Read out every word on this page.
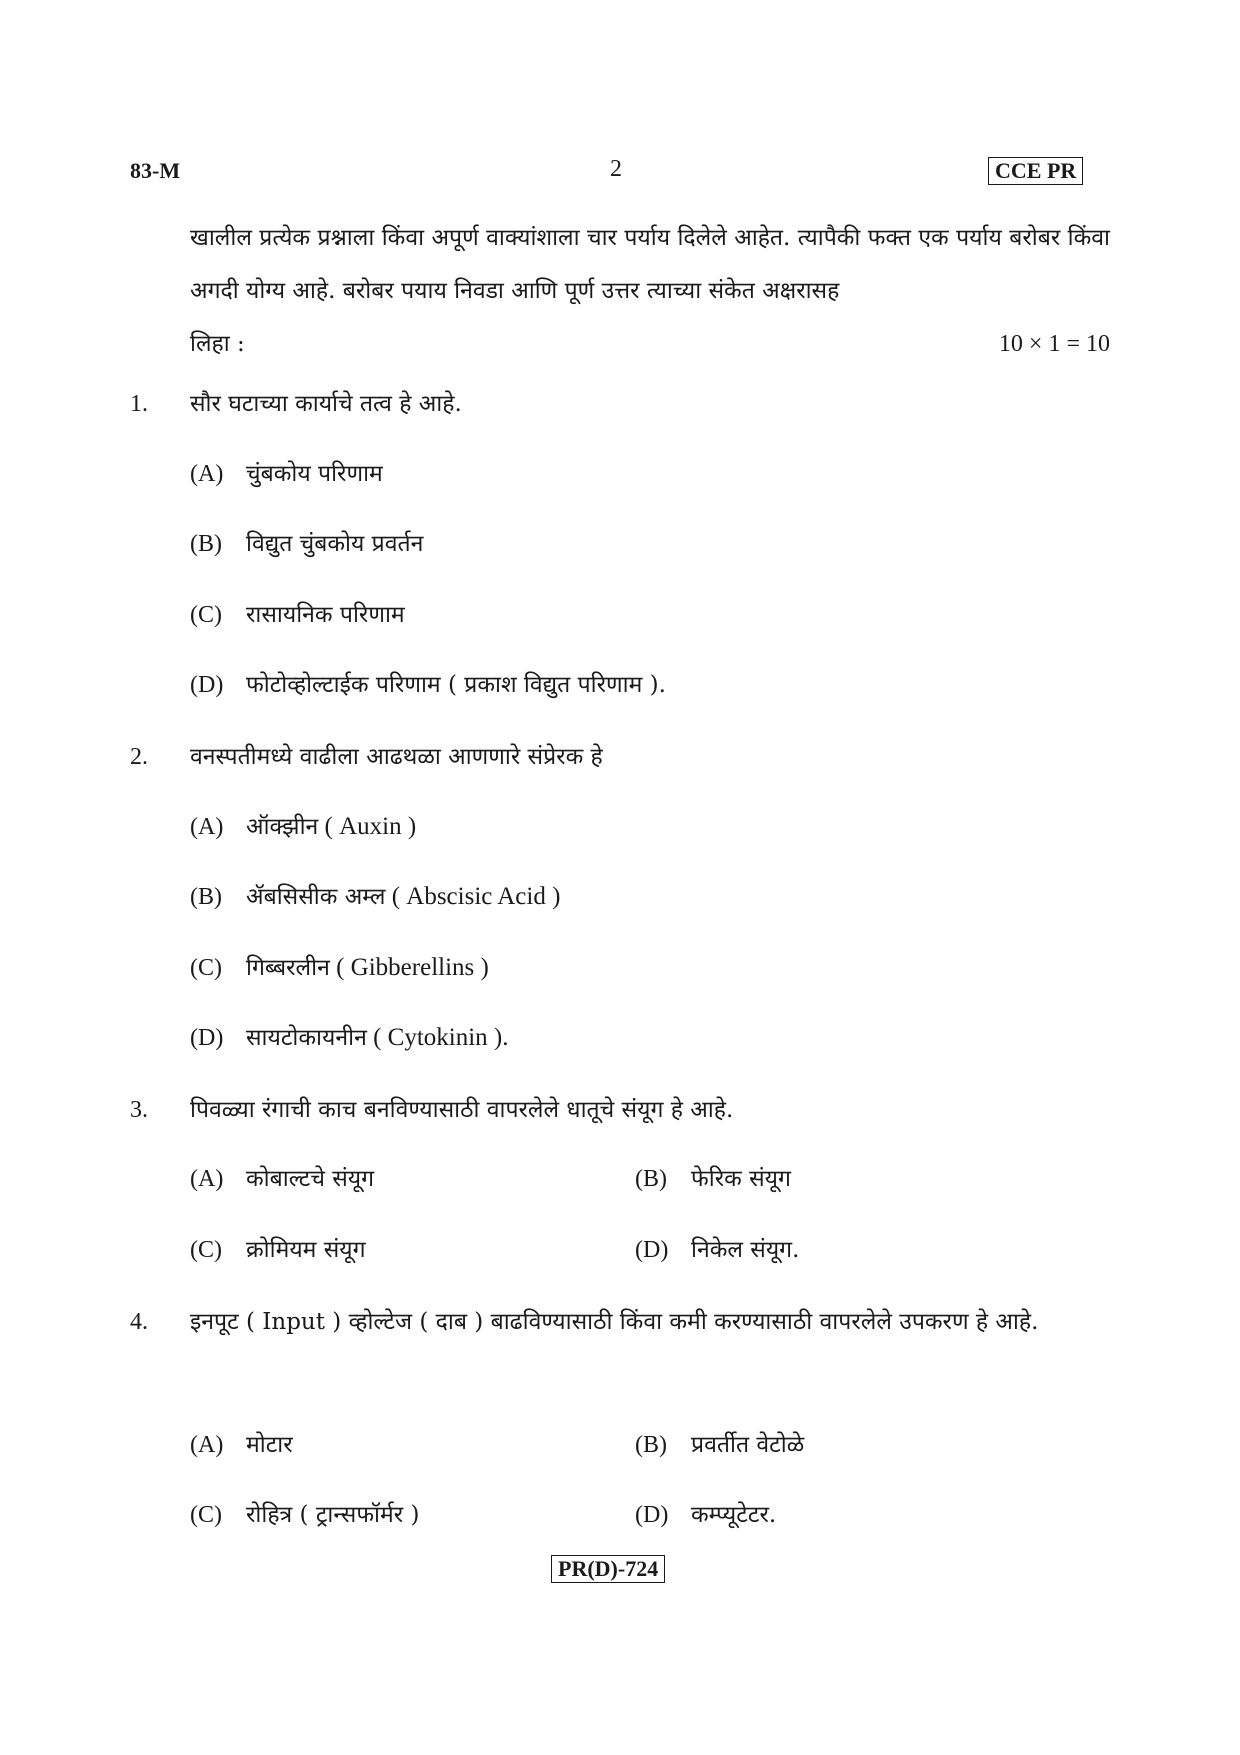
83-M	2	CCE PR
खालील प्रत्येक प्रश्नाला किंवा अपूर्ण वाक्यांशाला चार पर्याय दिलेले आहेत. त्यापैकी फक्त एक पर्याय बरोबर किंवा अगदी योग्य आहे. बरोबर पयाय निवडा आणि पूर्ण उत्तर त्याच्या संकेत अक्षरासह
लिहा :	10 × 1 = 10
1. सौर घटाच्या कार्याचे तत्व हे आहे.
(A) चुंबकोय परिणाम
(B) विद्युत चुंबकोय प्रवर्तन
(C) रासायनिक परिणाम
(D) फोटोव्होल्टाईक परिणाम ( प्रकाश विद्युत परिणाम ).
2. वनस्पतीमध्ये वाढीला आढथळा आणणारे संप्रेरक हे
(A) ऑक्झीन ( Auxin )
(B) ॲबसिसीक अम्ल ( Abscisic Acid )
(C) गिब्बरलीन ( Gibberellins )
(D) सायटोकायनीन ( Cytokinin ).
3. पिवळ्या रंगाची काच बनविण्यासाठी वापरलेले धातूचे संयूग हे आहे.
(A) कोबाल्टचे संयूग	(B) फेरिक संयूग
(C) क्रोमियम संयूग	(D) निकेल संयूग.
4. इनपूट ( Input ) व्होल्टेज ( दाब ) बाढविण्यासाठी किंवा कमी करण्यासाठी वापरलेले उपकरण हे आहे.
(A) मोटार	(B) प्रवर्तीत वेटोळे
(C) रोहित्र ( ट्रान्सफॉर्मर )	(D) कम्प्यूटेटर.
PR(D)-724
